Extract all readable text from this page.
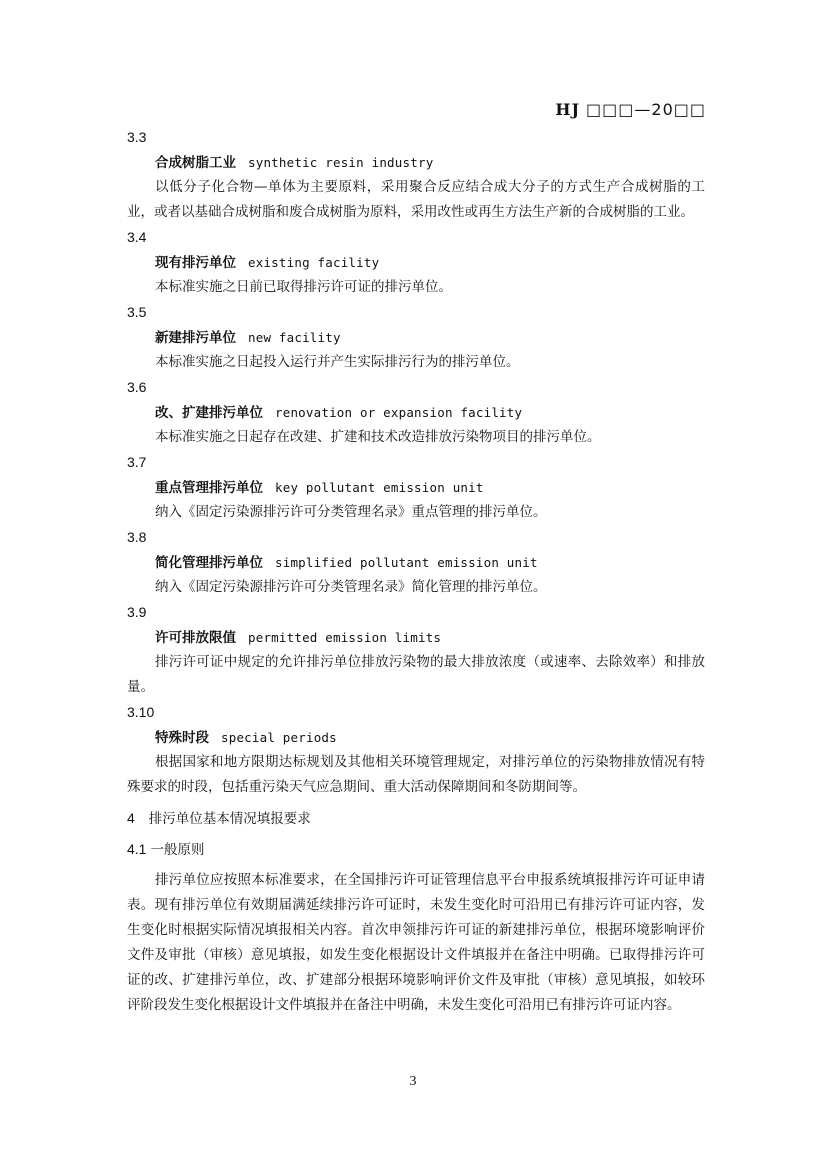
HJ □□□—20□□
3.3
合成树脂工业 synthetic resin industry

以低分子化合物—单体为主要原料，采用聚合反应结合成大分子的方式生产合成树脂的工业，或者以基础合成树脂和废合成树脂为原料，采用改性或再生方法生产新的合成树脂的工业。

3.4
现有排污单位 existing facility

本标准实施之日前已取得排污许可证的排污单位。

3.5
新建排污单位 new facility

本标准实施之日起投入运行并产生实际排污行为的排污单位。

3.6
改、扩建排污单位 renovation or expansion facility

本标准实施之日起存在改建、扩建和技术改造排放污染物项目的排污单位。

3.7
重点管理排污单位 key pollutant emission unit

纳入《固定污染源排污许可分类管理名录》重点管理的排污单位。

3.8
简化管理排污单位 simplified pollutant emission unit

纳入《固定污染源排污许可分类管理名录》简化管理的排污单位。

3.9
许可排放限值 permitted emission limits

排污许可证中规定的允许排污单位排放污染物的最大排放浓度（或速率、去除效率）和排放量。

3.10
特殊时段 special periods

根据国家和地方限期达标规划及其他相关环境管理规定，对排污单位的污染物排放情况有特殊要求的时段，包括重污染天气应急期间、重大活动保障期间和冬防期间等。

4 排污单位基本情况填报要求
4.1 一般原则

排污单位应按照本标准要求，在全国排污许可证管理信息平台申报系统填报排污许可证申请表。现有排污单位有效期届满延续排污许可证时，未发生变化时可沿用已有排污许可证内容，发生变化时根据实际情况填报相关内容。首次申领排污许可证的新建排污单位，根据环境影响评价文件及审批（审核）意见填报，如发生变化根据设计文件填报并在备注中明确。已取得排污许可证的改、扩建排污单位，改、扩建部分根据环境影响评价文件及审批（审核）意见填报，如较环评阶段发生变化根据设计文件填报并在备注中明确，未发生变化可沿用已有排污许可证内容。

3
